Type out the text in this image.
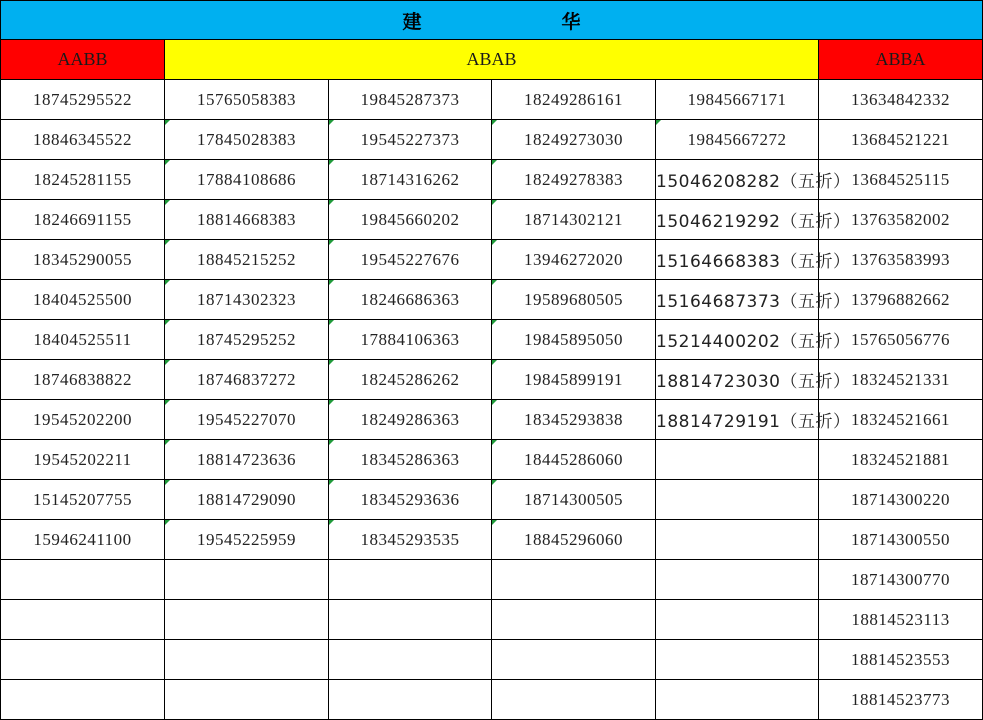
建　　华					
AABB	ABAB				ABBA
18745295522	15765058383	19845287373	18249286161	19845667171	13634842332
18846345522	17845028383	19545227373	18249273030	19845667272	13684521221
18245281155	17884108686	18714316262	18249278383	15046208282（五折）	13684525115
18246691155	18814668383	19845660202	18714302121	15046219292（五折）	13763582002
18345290055	18845215252	19545227676	13946272020	15164668383（五折）	13763583993
18404525500	18714302323	18246686363	19589680505	15164687373（五折）	13796882662
18404525511	18745295252	17884106363	19845895050	15214400202（五折）	15765056776
18746838822	18746837272	18245286262	19845899191	18814723030（五折）	18324521331
19545202200	19545227070	18249286363	18345293838	18814729191（五折）	18324521661
19545202211	18814723636	18345286363	18445286060		18324521881
15145207755	18814729090	18345293636	18714300505		18714300220
15946241100	19545225959	18345293535	18845296060		18714300550
					18714300770
					18814523113
					18814523553
					18814523773
